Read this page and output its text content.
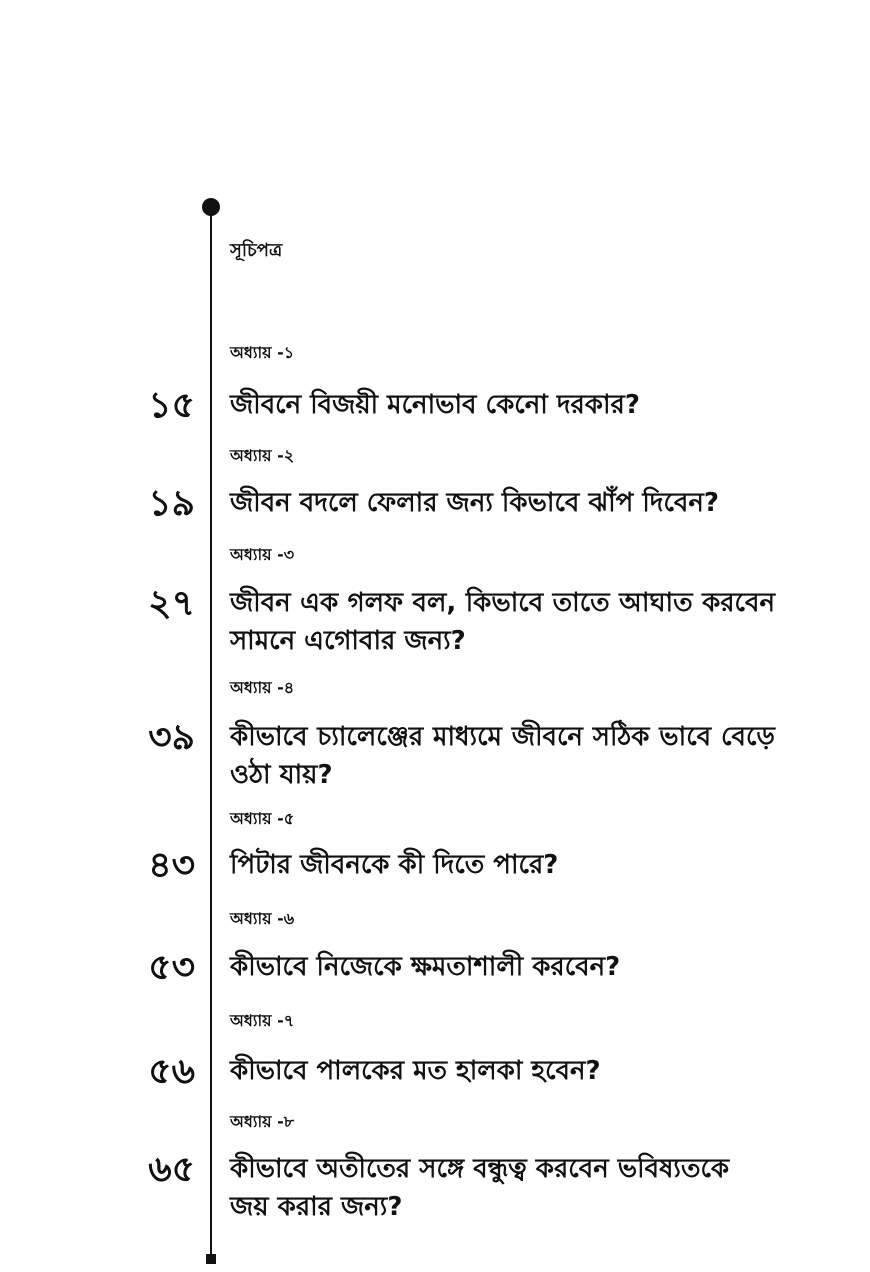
সূচিপত্র
অধ্যায় -১
১৫ জীবনে বিজয়ী মনোভাব কেনো দরকার?
অধ্যায় -২
১৯ জীবন বদলে ফেলার জন্য কিভাবে ঝাঁপ দিবেন?
অধ্যায় -৩
২৭ জীবন এক গলফ বল, কিভাবে তাতে আঘাত করবেন সামনে এগোবার জন্য?
অধ্যায় -৪
৩৯ কীভাবে চ্যালেঞ্জের মাধ্যমে জীবনে সঠিক ভাবে বেড়ে ওঠা যায়?
অধ্যায় -৫
৪৩ পিটার জীবনকে কী দিতে পারে?
অধ্যায় -৬
৫৩ কীভাবে নিজেকে ক্ষমতাশালী করবেন?
অধ্যায় -৭
৫৬ কীভাবে পালকের মত হালকা হবেন?
অধ্যায় -৮
৬৫ কীভাবে অতীতের সঙ্গে বন্ধুত্ব করবেন ভবিষ্যতকে জয় করার জন্য?
